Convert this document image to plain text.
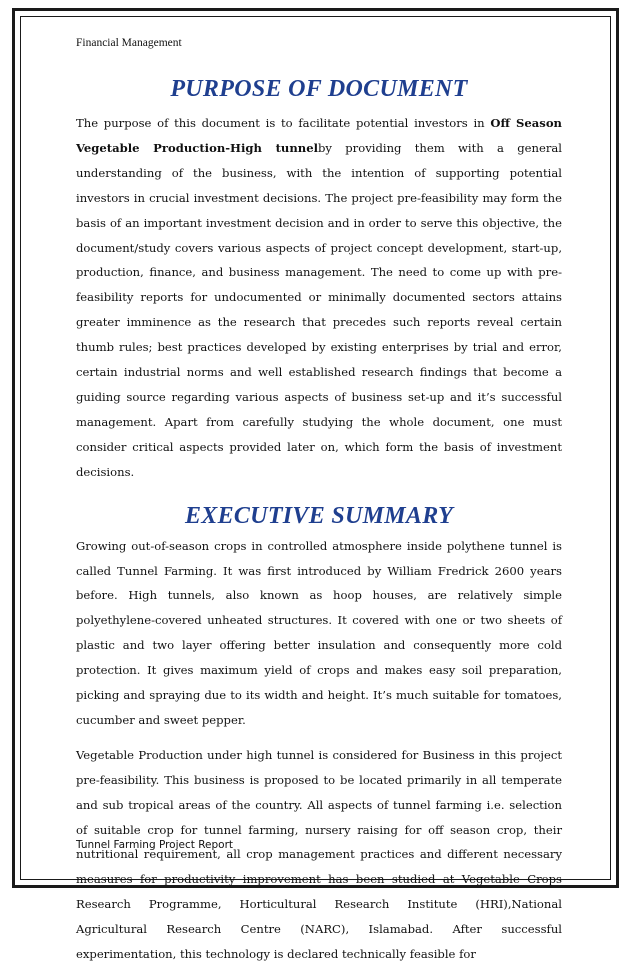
Financial Management
PURPOSE OF DOCUMENT

The purpose of this document is to facilitate potential investors in Off Season Vegetable Production-High tunnelby providing them with a general understanding of the business, with the intention of supporting potential investors in crucial investment decisions. The project pre-feasibility may form the basis of an important investment decision and in order to serve this objective, the document/study covers various aspects of project concept development, start-up, production, finance, and business management. The need to come up with pre-feasibility reports for undocumented or minimally documented sectors attains greater imminence as the research that precedes such reports reveal certain thumb rules; best practices developed by existing enterprises by trial and error, certain industrial norms and well established research findings that become a guiding source regarding various aspects of business set-up and it’s successful management. Apart from carefully studying the whole document, one must consider critical aspects provided later on, which form the basis of investment decisions.

EXECUTIVE SUMMARY

Growing out-of-season crops in controlled atmosphere inside polythene tunnel is called Tunnel Farming. It was first introduced by William Fredrick 2600 years before. High tunnels, also known as hoop houses, are relatively simple polyethylene-covered unheated structures. It covered with one or two sheets of plastic and two layer offering better insulation and consequently more cold protection. It gives maximum yield of crops and makes easy soil preparation, picking and spraying due to its width and height. It’s much suitable for tomatoes, cucumber and sweet pepper.

Vegetable Production under high tunnel is considered for Business in this project pre-feasibility. This business is proposed to be located primarily in all temperate and sub tropical areas of the country. All aspects of tunnel farming i.e. selection of suitable crop for tunnel farming, nursery raising for off season crop, their nutritional requirement, all crop management practices and different necessary measures for productivity improvement has been studied at Vegetable Crops Research Programme, Horticultural Research Institute (HRI),National Agricultural Research Centre (NARC), Islamabad. After successful experimentation, this technology is declared technically feasible for

Tunnel Farming Project Report
